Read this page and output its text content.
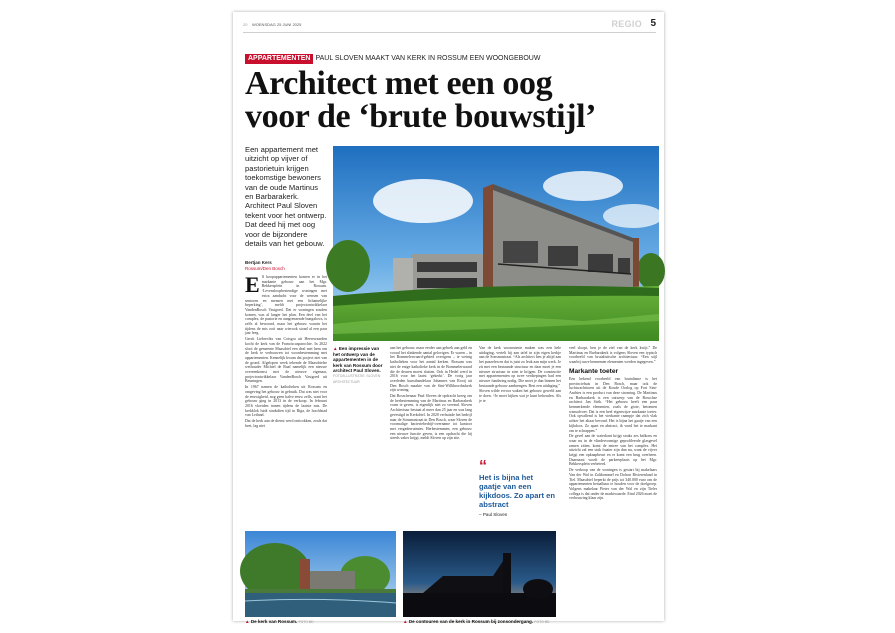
20 WOENSDAG 25 JUNI 2025	REGIO 5
APPARTEMENTEN PAUL SLOVEN MAAKT VAN KERK IN ROSSUM EEN WOONGEBOUW
Architect met een oog
voor de ‘brute bouwstijl’
Een appartement met uitzicht op vijver of pastorietuin krijgen toekomstige bewoners van de oude Martinus en Barbarakerk. Architect Paul Sloven tekent voor het ontwerp. Dat deed hij met oog voor de bijzondere details van het gebouw.
Bertjan Kers
Rossum/Den Bosch
▲ Een impressie van het ontwerp van de appartementen in de kerk van Rossum door architect Paul Sloven.
FOTO/ILLUSTRATIE: SLOVEN ARCHITECTUUR
E lf koopappartementen komen er in het markante gebouw aan het Mgr. Bekkersplein in Rossum. ‘Levensloopbestendige woningen met extra aandacht voor de wensen van senioren en mensen met een lichamelijke beperking’, meldt projectontwikkelaar VandenBosch Vastgoed. Dat er woningen zouden komen, was al langer het plan. Een deel van het complex, de pastorie en aangrenzende bungalows, is zelfs al bewoond, maar het gebouw waarin het tijdens de mis ooit naar wierook stond al een paar jaar leeg.

Gerrit Liebrechts van Cotsgra uit Heerewaarden kocht de kerk van de Franciscusparochie. In 2022 sloot de gemeente Maasdriel een deal met hem om de kerk te verbouwen tot woonbestemming met appartementen. Kennelijk kwam dat project niet van de grond. Afgelopen week tekende de Maasdrielse wethouder Michiel de Raaf namelijk een nieuwe overeenkomst met de nieuwe eigenaar, projectontwikkelaar VandenBosch Vastgoed uit Beuningen.

In 1967 namen de katholieken uit Rossum en omgeving het gebouw in gebruik. Dat was niet voor de eeuwigheid, nog geen halve eeuw zelfs, want het gebouw ging in 2013 in de verkoop. In februari 2016 vloeiden tranen tijdens de laatste mis. De kerkklok luidt sindsdien tijd in Riga, de hoofdstad van Letland.

Dat de kerk aan de dienst werd onttrokken, zoals dat heet, lag niet

aan het gebouw, maar eerder aan gebrek aan geld en vooral het slinkende aantal gelovigen. Er waren – in het Bommelerwaard-gebied overigens – te weinig katholieken voor het aantal kerken. Rossum was niet de enige katholieke kerk in de Bommelerwaard die de deuren moest sluiten. Ook in Hedel werd in 2016 voor het laatst ‘gekerkt’. De vorig jaar overleden kunsthandelaar Johannes van Rooij uit Den Bosch maakte van de Sint-Willibrorduskerk zijn woning.

Dat Bosschenaar Paul Sloven de opdracht kreeg om de herbestemming van de Martinus en Barbarakerk vorm te geven, is eigenlijk niet zo vreemd. Sloven Architectuur bestaat al meer dan 25 jaar en was lang gevestigd in Kerkdriel. In 2020 verhuisde het bedrijf naar de Sonsmastraat in Den Bosch, waar Sloven de voormalige bacteriebedrijf-overname tot kantoor met vergaderruimtes. Herbestemmen, een gebouw een nieuwe functie geven, is een opdracht die hij steeds vaker krijgt, meldt Sloven op zijn site.

Van de kerk woonruimte maken was een hele uitdaging, vertelt hij aan tafel in zijn eigen kerkje aan de Sonsmastraat. “Als architect ben je altijd aan het puzzelen en dat is juist zo leuk aan mijn werk. Je zit met een bestaande structuur en daar moet je een nieuwe structuur in zien te krijgen. De constructie met appartementen op twee verdiepingen had een nieuwe fundering nodig. Die moet je dan binnen het bestaande gebouw aanbrengen. Best een uitdaging.”

Sloven wilde ervoor waken het gebouw geweld aan te doen. “Je moet kijken wat je kunt behouden. Als je te

“
Het is bijna het gaatje van een kijkdoos. Zo apart en abstract
– Paul Sloven

veel sloopt, ben je de ziel van de kerk kwijt.” De Martinus en Barbarakerk is volgens Sloven een typisch voorbeeld van brutalistische architectuur. “Een stijl waarbij ruwe bennemen elementen werden ingegeven.”

Markante toeter

Een bekend voorbeeld van brutalisme is het provinciehuis in Den Bosch, maar ook de luchtwachttoren uit de Koude Oorlog op Fort Sint-Andries is een product van deze stroming. De Martinus en Barbarakerk is een ontwerp van de Bosschse architect Jan Strik. “Het gebouw heeft een paar kenmerkende elementen, zoals de grote, betonnen wansafvoer. Dat is een heel eigenwijze markante toeter. Ook opvallend is het vierkante raampje dat zich vlak achter het altaar bevond. Het is bijna het gaatje van een kijkdoos. Zo apart en abstract, ik vond het te markant om te schrappen.”

De gevel aan de waterkant krijgt straks zes balkons en waar nu in de vlindervormige geprofileerde glasgevel ramen zitten, komt de entree van het complex. Het uitzicht zal een stuk fraaier zijn dan nu, want de vijver krijgt een opknapbeurt en er komt een brug overheen. Daarnaast wordt de parkeerplaats op het Mgr. Bekkersplein verbeterd.

De verkoop van de woningen is gestart bij makelaars Van der Wal in Zaltbommel en Dolron Rivierenland in Tiel. Maasdriel beperkt de prijs tot 340.000 euro om de appartementen betaalbaar te houden voor de doelgroep. Volgens makelaar Pieter van der Wal en zijn Tieler collega is dat onder de marktwaarde. Eind 2026 moet de verbouwing klaar zijn.

▲ De kerk van Rossum. FOTO BD	▲ De contouren van de kerk in Rossum bij zonsondergang. FOTO BD
